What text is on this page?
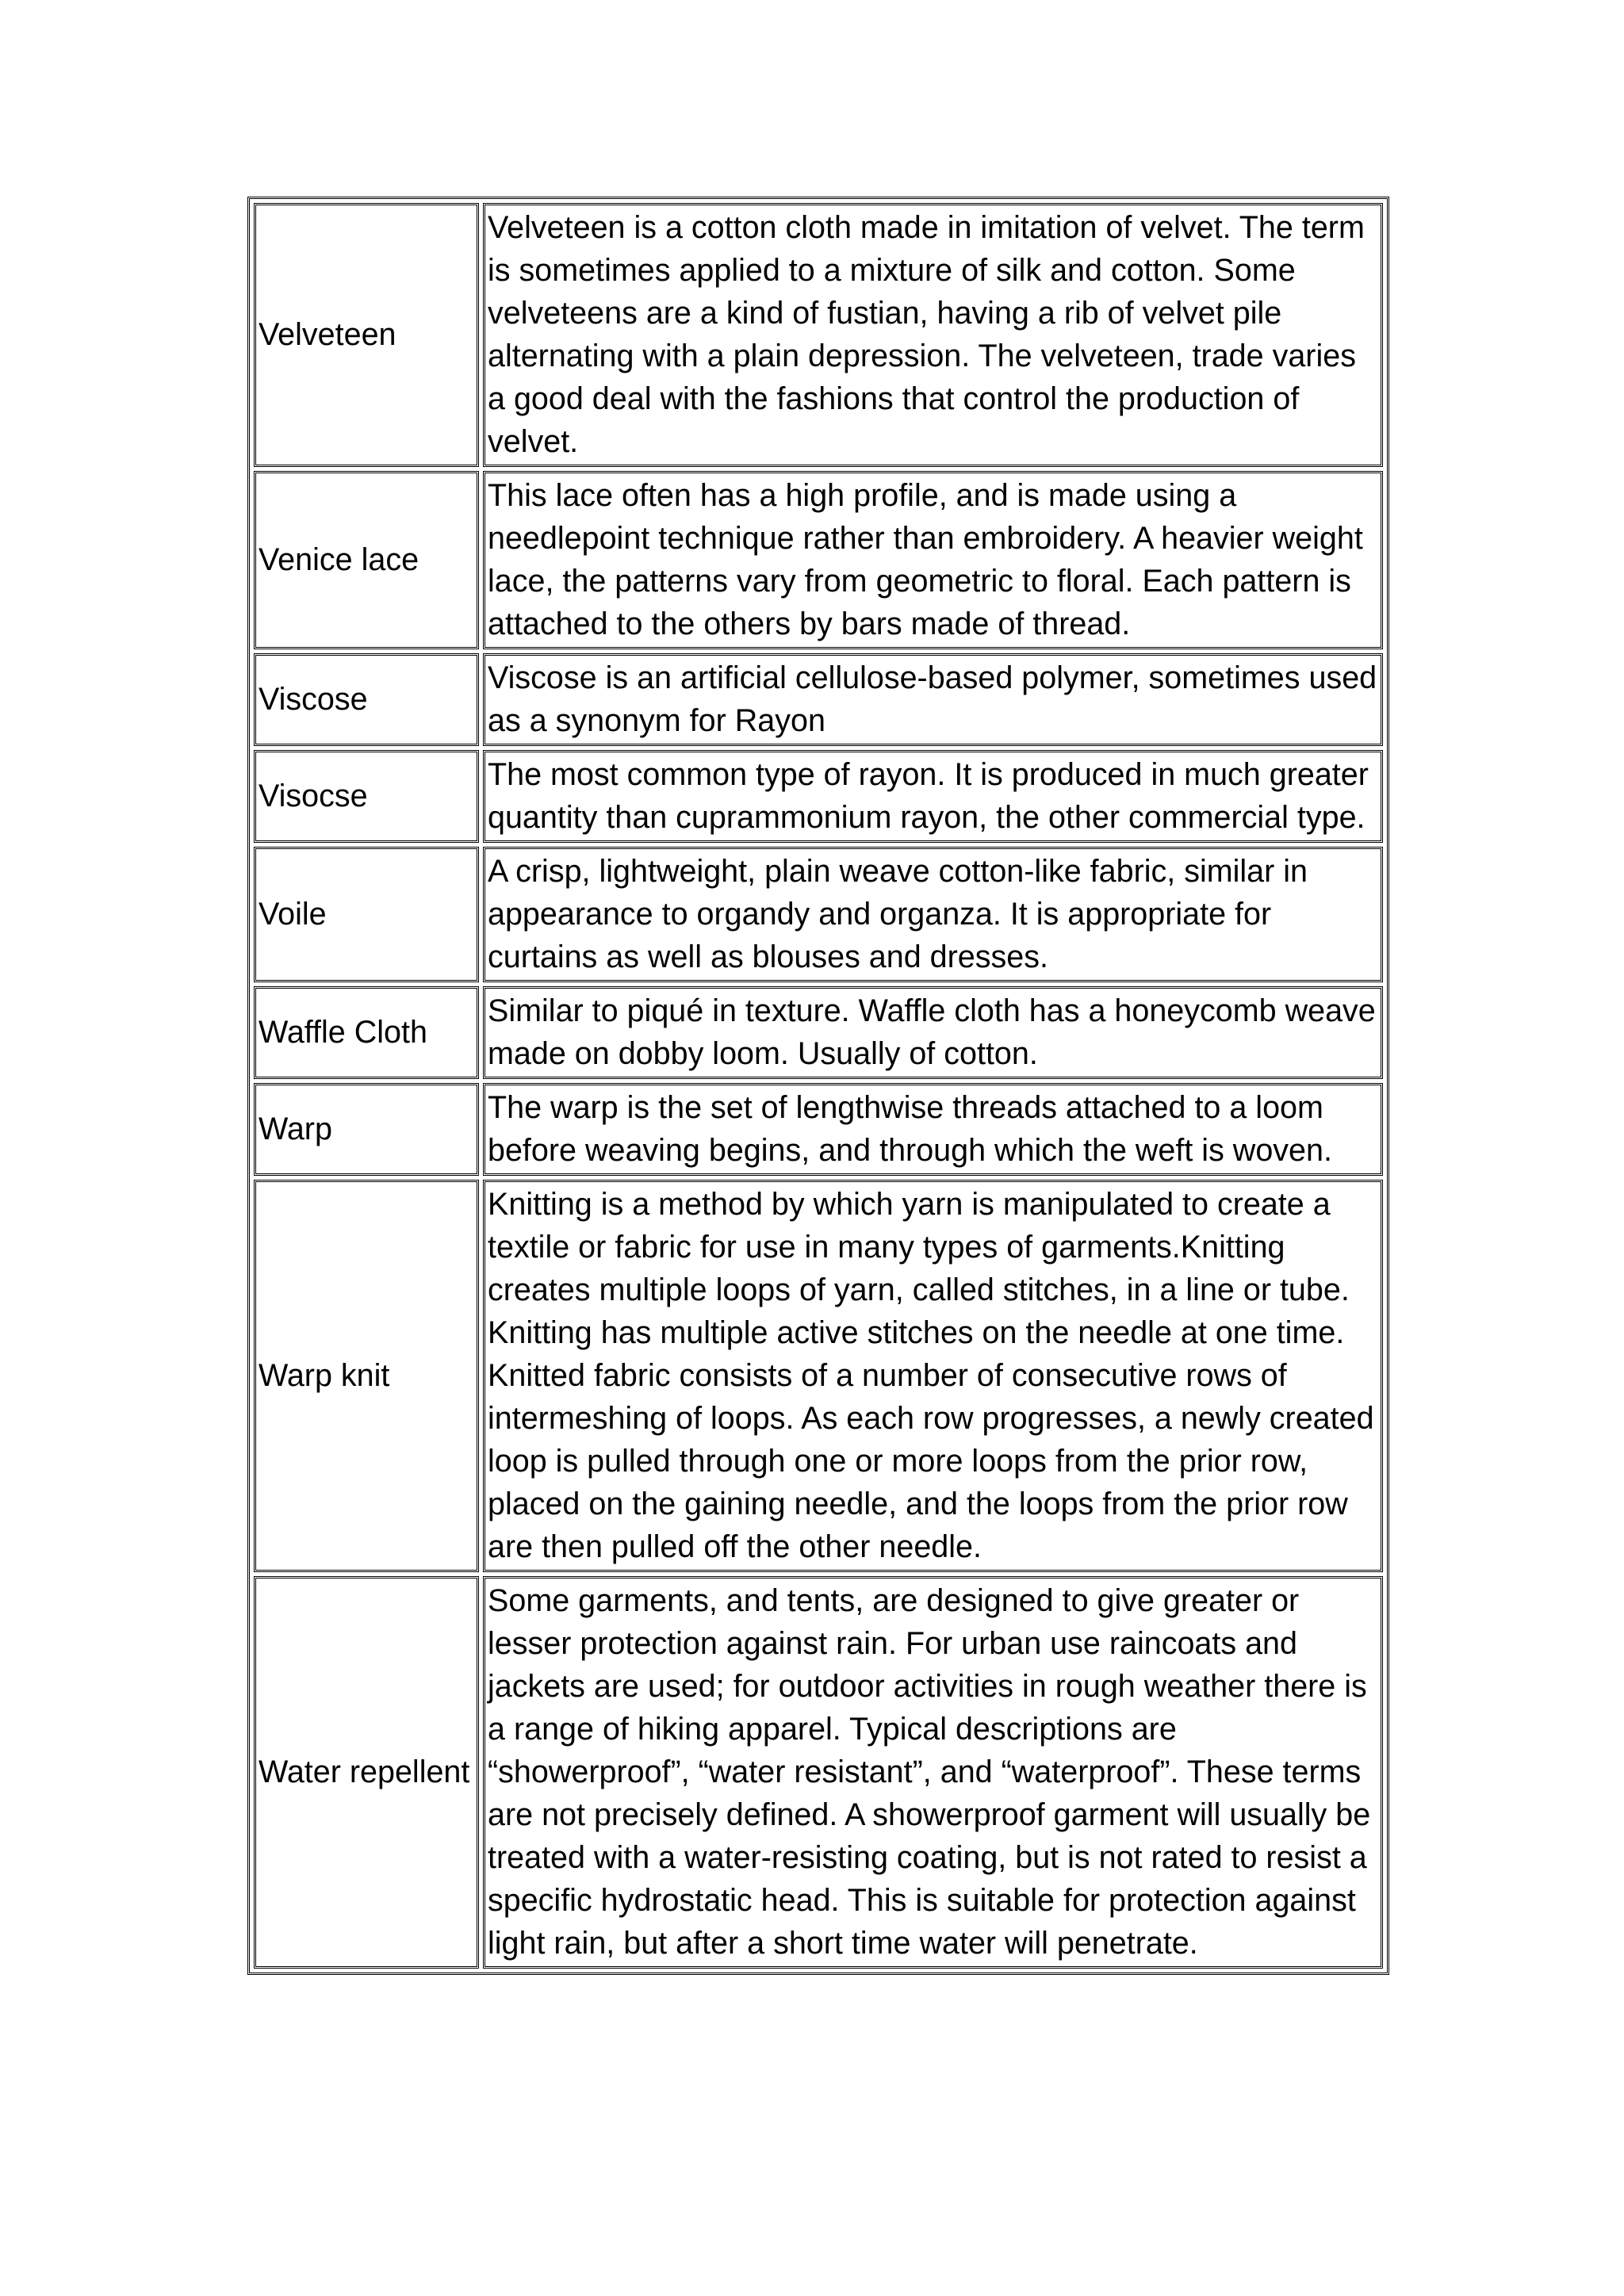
Velveteen	Velveteen is a cotton cloth made in imitation of velvet. The term is sometimes applied to a mixture of silk and cotton. Some velveteens are a kind of fustian, having a rib of velvet pile alternating with a plain depression. The velveteen, trade varies a good deal with the fashions that control the production of velvet.
Venice lace	This lace often has a high profile, and is made using a needlepoint technique rather than embroidery. A heavier weight lace, the patterns vary from geometric to floral. Each pattern is attached to the others by bars made of thread.
Viscose	Viscose is an artificial cellulose-based polymer, sometimes used as a synonym for Rayon
Visocse	The most common type of rayon. It is produced in much greater quantity than cuprammonium rayon, the other commercial type.
Voile	A crisp, lightweight, plain weave cotton-like fabric, similar in appearance to organdy and organza. It is appropriate for curtains as well as blouses and dresses.
Waffle Cloth	Similar to piqué in texture. Waffle cloth has a honeycomb weave made on dobby loom. Usually of cotton.
Warp	The warp is the set of lengthwise threads attached to a loom before weaving begins, and through which the weft is woven.
Warp knit	Knitting is a method by which yarn is manipulated to create a textile or fabric for use in many types of garments.Knitting creates multiple loops of yarn, called stitches, in a line or tube. Knitting has multiple active stitches on the needle at one time. Knitted fabric consists of a number of consecutive rows of intermeshing of loops. As each row progresses, a newly created loop is pulled through one or more loops from the prior row, placed on the gaining needle, and the loops from the prior row are then pulled off the other needle.
Water repellent	Some garments, and tents, are designed to give greater or lesser protection against rain. For urban use raincoats and jackets are used; for outdoor activities in rough weather there is a range of hiking apparel. Typical descriptions are “showerproof”, “water resistant”, and “waterproof”. These terms are not precisely defined. A showerproof garment will usually be treated with a water-resisting coating, but is not rated to resist a specific hydrostatic head. This is suitable for protection against light rain, but after a short time water will penetrate.
